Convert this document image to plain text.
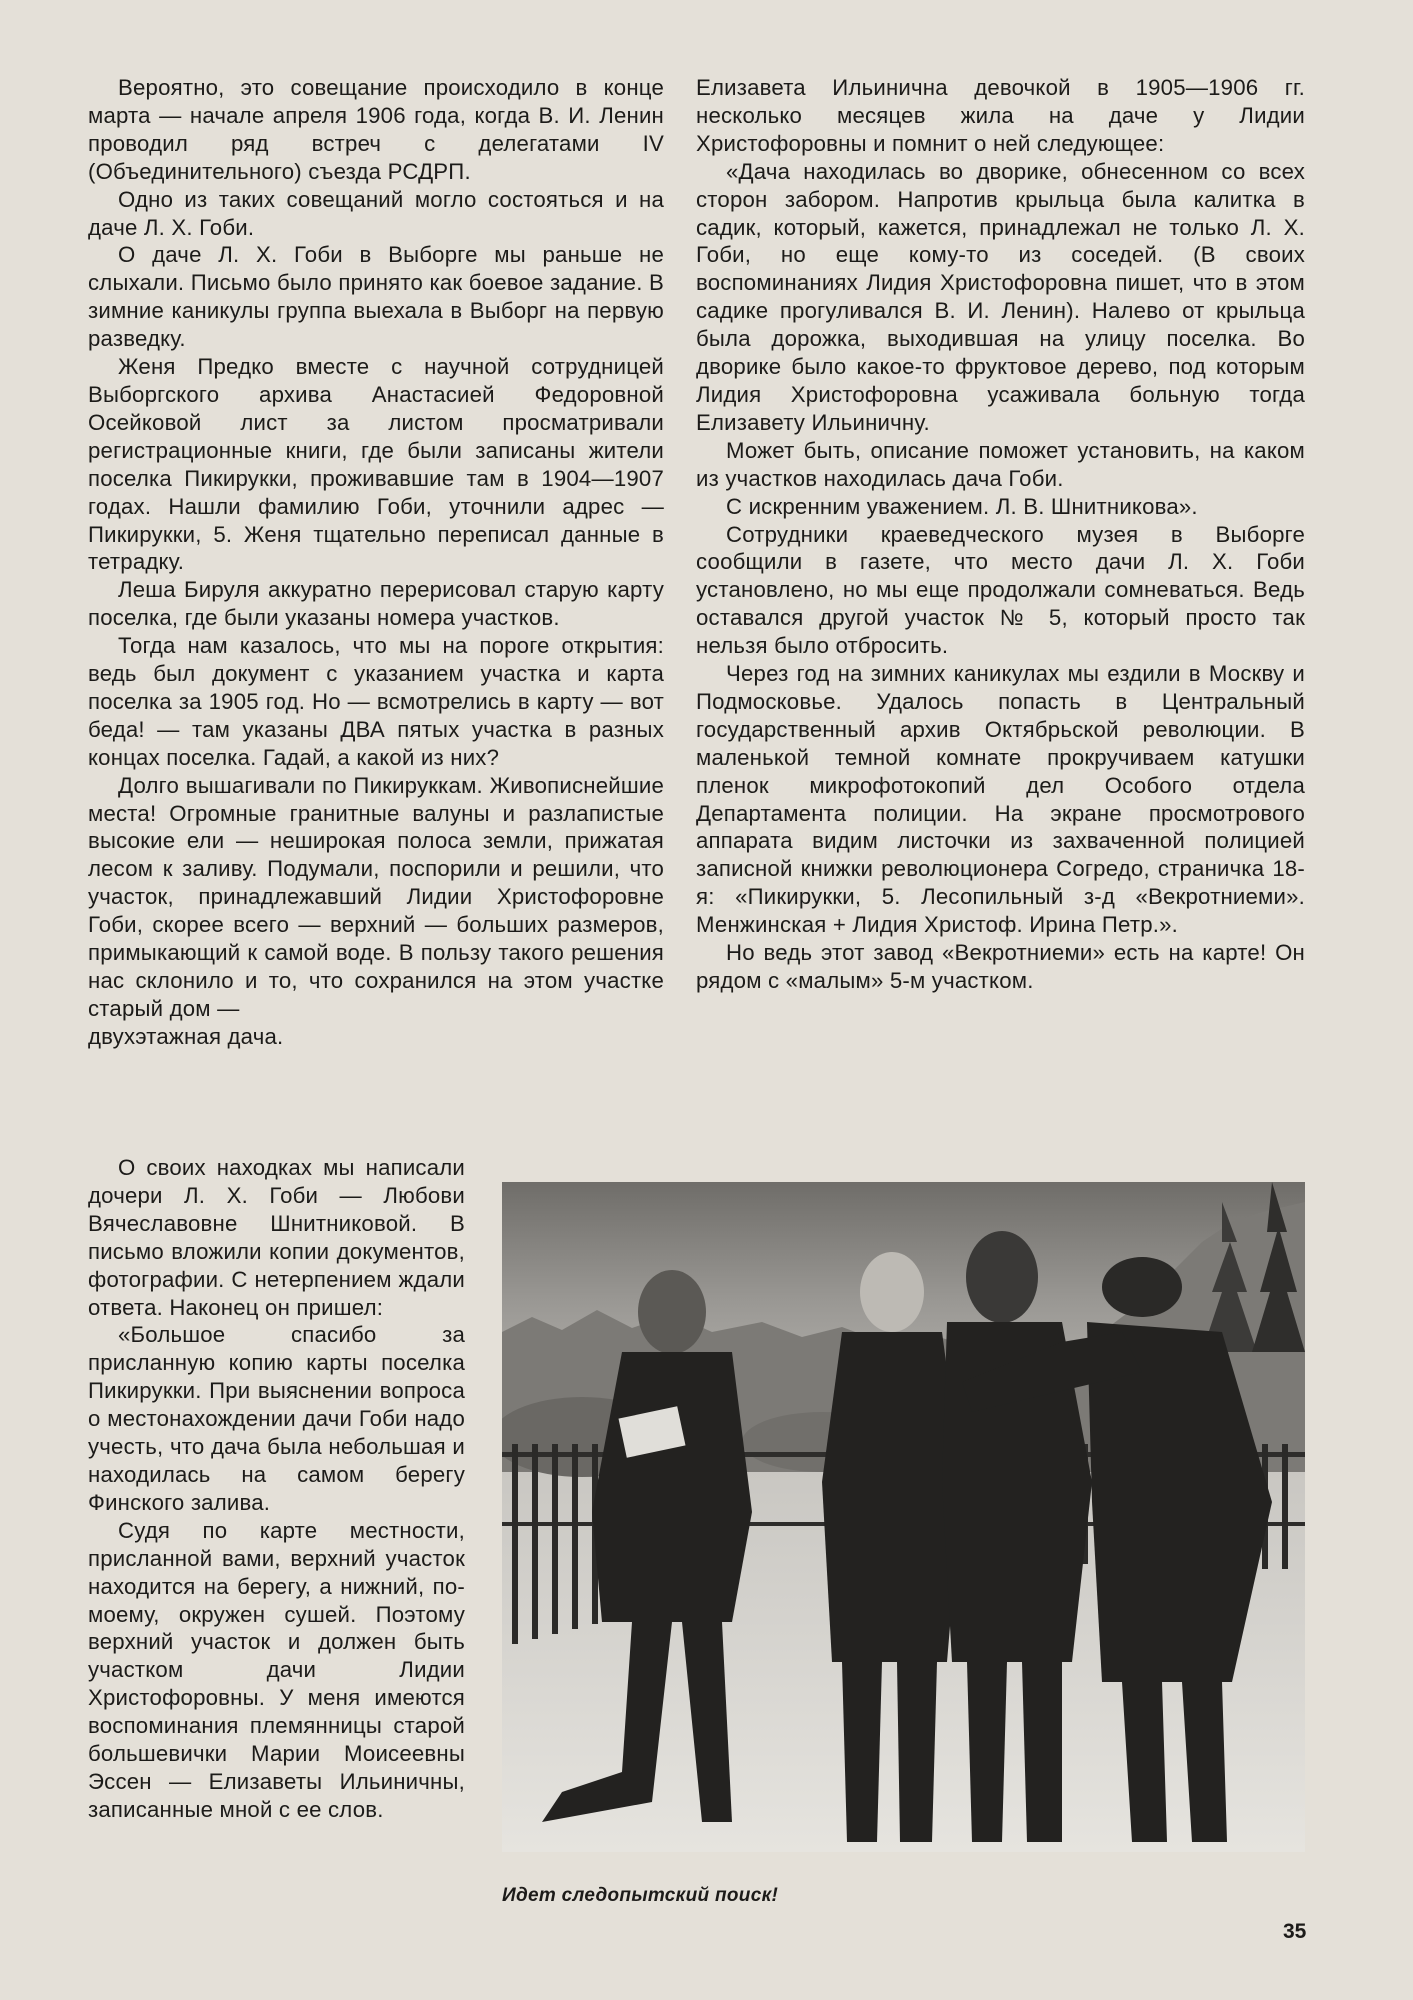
Вероятно, это совещание происходило в конце марта — начале апреля 1906 года, когда В. И. Ленин проводил ряд встреч с делегатами IV (Объединительного) съезда РСДРП.

Одно из таких совещаний могло состояться и на даче Л. Х. Гоби.

О даче Л. Х. Гоби в Выборге мы раньше не слыхали. Письмо было принято как боевое задание. В зимние каникулы группа выехала в Выборг на первую разведку.

Женя Предко вместе с научной сотрудницей Выборгского архива Анастасией Федоровной Осейковой лист за листом просматривали регистрационные книги, где были записаны жители поселка Пикирукки, проживавшие там в 1904—1907 годах. Нашли фамилию Гоби, уточнили адрес — Пикирукки, 5. Женя тщательно переписал данные в тетрадку.

Леша Бируля аккуратно перерисовал старую карту поселка, где были указаны номера участков.

Тогда нам казалось, что мы на пороге открытия: ведь был документ с указанием участка и карта поселка за 1905 год. Но — всмотрелись в карту — вот беда! — там указаны ДВА пятых участка в разных концах поселка. Гадай, а какой из них?

Долго вышагивали по Пикируккам. Живописнейшие места! Огромные гранитные валуны и разлапистые высокие ели — неширокая полоса земли, прижатая лесом к заливу. Подумали, поспорили и решили, что участок, принадлежавший Лидии Христофоровне Гоби, скорее всего — верхний — больших размеров, примыкающий к самой воде. В пользу такого решения нас склонило и то, что сохранился на этом участке старый дом —

двухэтажная дача.

О своих находках мы написали дочери Л. Х. Гоби — Любови Вячеславовне Шнитниковой. В письмо вложили копии документов, фотографии. С нетерпением ждали ответа. Наконец он пришел:

«Большое спасибо за присланную копию карты поселка Пикирукки. При выяснении вопроса о местонахождении дачи Гоби надо учесть, что дача была небольшая и находилась на самом берегу Финского залива.

Судя по карте местности, присланной вами, верхний участок находится на берегу, а нижний, по-моему, окружен сушей. Поэтому верхний участок и должен быть участком дачи Лидии Христофоровны. У меня имеются воспоминания племянницы старой большевички Марии Моисеевны Эссен — Елизаветы Ильиничны, записанные мной с ее слов.

Елизавета Ильинична девочкой в 1905—1906 гг. несколько месяцев жила на даче у Лидии Христофоровны и помнит о ней следующее:

«Дача находилась во дворике, обнесенном со всех сторон забором. Напротив крыльца была калитка в садик, который, кажется, принадлежал не только Л. Х. Гоби, но еще кому-то из соседей. (В своих воспоминаниях Лидия Христофоровна пишет, что в этом садике прогуливался В. И. Ленин). Налево от крыльца была дорожка, выходившая на улицу поселка. Во дворике было какое-то фруктовое дерево, под которым Лидия Христофоровна усаживала больную тогда Елизавету Ильиничну.

Может быть, описание поможет установить, на каком из участков находилась дача Гоби.

С искренним уважением. Л. В. Шнитникова».

Сотрудники краеведческого музея в Выборге сообщили в газете, что место дачи Л. Х. Гоби установлено, но мы еще продолжали сомневаться. Ведь оставался другой участок № 5, который просто так нельзя было отбросить.

Через год на зимних каникулах мы ездили в Москву и Подмосковье. Удалось попасть в Центральный государственный архив Октябрьской революции. В маленькой темной комнате прокручиваем катушки пленок микрофотокопий дел Особого отдела Департамента полиции. На экране просмотрового аппарата видим листочки из захваченной полицией записной книжки революционера Согредо, страничка 18-я: «Пикирукки, 5. Лесопильный з-д «Векротниеми». Менжинская + Лидия Христоф. Ирина Петр.».

Но ведь этот завод «Векротниеми» есть на карте! Он рядом с «малым» 5-м участком.

Идет следопытский поиск!
35
